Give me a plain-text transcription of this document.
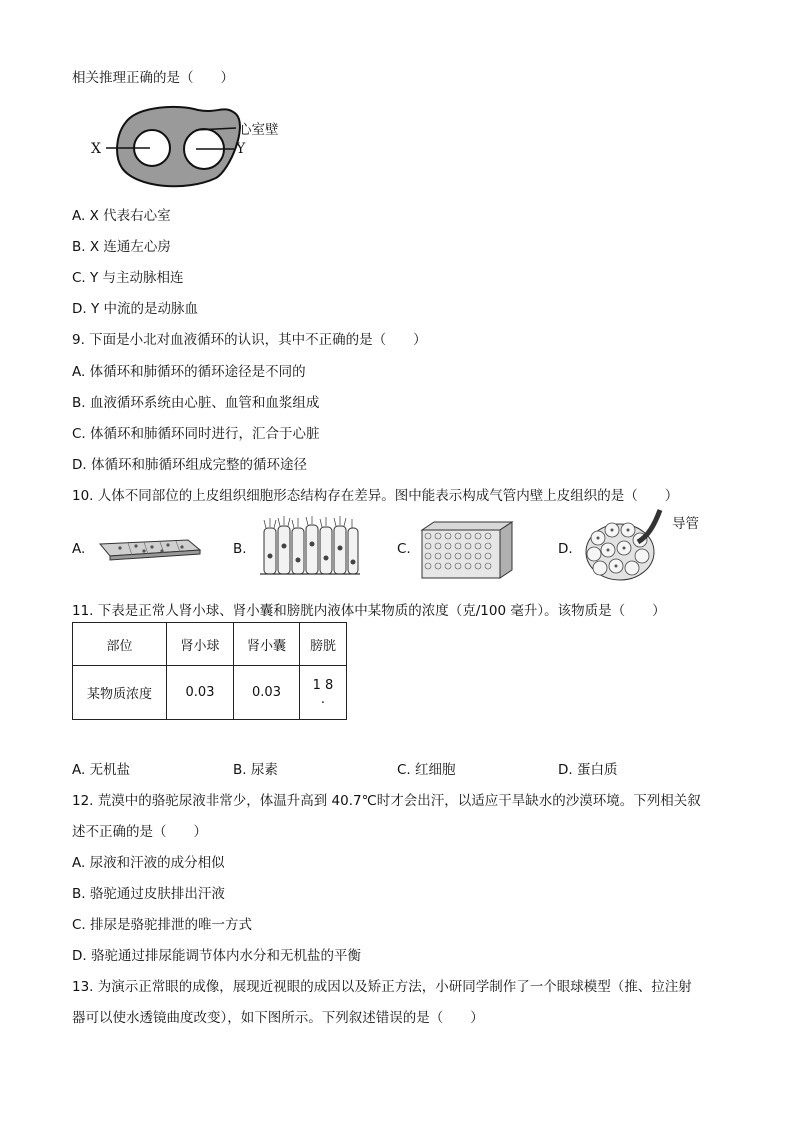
相关推理正确的是（　　）
X	Y
心室壁
A. X 代表右心室
B. X 连通左心房
C. Y 与主动脉相连
D. Y 中流的是动脉血
9. 下面是小北对血液循环的认识，其中不正确的是（　　）
A. 体循环和肺循环的循环途径是不同的
B. 血液循环系统由心脏、血管和血浆组成
C. 体循环和肺循环同时进行，汇合于心脏
D. 体循环和肺循环组成完整的循环途径
10. 人体不同部位的上皮组织细胞形态结构存在差异。图中能表示构成气管内壁上皮组织的是（　　）
A.	B.	C.	D.
导管
11. 下表是正常人肾小球、肾小囊和膀胱内液体中某物质的浓度（克/100 毫升）。该物质是（　　）
部位	肾小球	肾小囊	膀胱
某物质浓度	0.03	0.03	1 8
.
A. 无机盐	B. 尿素	C. 红细胞	D. 蛋白质
12. 荒漠中的骆驼尿液非常少，体温升高到 40.7℃时才会出汗，以适应干旱缺水的沙漠环境。下列相关叙
述不正确的是（　　）
A. 尿液和汗液的成分相似
B. 骆驼通过皮肤排出汗液
C. 排尿是骆驼排泄的唯一方式
D. 骆驼通过排尿能调节体内水分和无机盐的平衡
13. 为演示正常眼的成像，展现近视眼的成因以及矫正方法，小研同学制作了一个眼球模型（推、拉注射
器可以使水透镜曲度改变），如下图所示。下列叙述错误的是（　　）
